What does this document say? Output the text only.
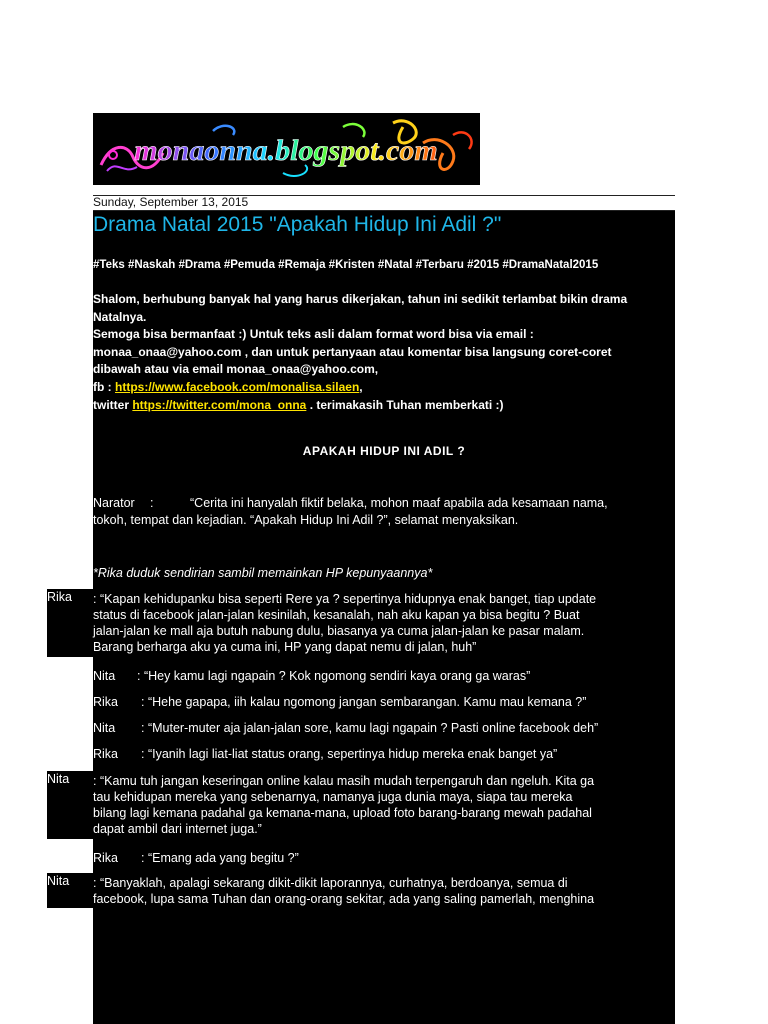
monaonna.blogspot.com
Sunday, September 13, 2015
Drama Natal 2015 "Apakah Hidup Ini Adil ?"
#Teks #Naskah #Drama #Pemuda #Remaja #Kristen #Natal #Terbaru #2015 #DramaNatal2015
Shalom, berhubung banyak hal yang harus dikerjakan, tahun ini sedikit terlambat bikin drama
Natalnya.
Semoga bisa bermanfaat :) Untuk teks asli dalam format word bisa via email :
monaa_onaa@yahoo.com , dan untuk pertanyaan atau komentar bisa langsung coret-coret
dibawah atau via email monaa_onaa@yahoo.com,
fb : https://www.facebook.com/monalisa.silaen,
twitter https://twitter.com/mona_onna . terimakasih Tuhan memberkati :)
APAKAH HIDUP INI ADIL ?
Narator :	“Cerita ini hanyalah fiktif belaka, mohon maaf apabila ada kesamaan nama,
tokoh, tempat dan kejadian. “Apakah Hidup Ini Adil ?”, selamat menyaksikan.
*Rika duduk sendirian sambil memainkan HP kepunyaannya*
Rika : “Kapan kehidupanku bisa seperti Rere ya ? sepertinya hidupnya enak banget, tiap update
status di facebook jalan-jalan kesinilah, kesanalah, nah aku kapan ya bisa begitu ? Buat
jalan-jalan ke mall aja butuh nabung dulu, biasanya ya cuma jalan-jalan ke pasar malam.
Barang berharga aku ya cuma ini, HP yang dapat nemu di jalan, huh”
Nita : “Hey kamu lagi ngapain ? Kok ngomong sendiri kaya orang ga waras”
Rika : “Hehe gapapa, iih kalau ngomong jangan sembarangan. Kamu mau kemana ?”
Nita : “Muter-muter aja jalan-jalan sore, kamu lagi ngapain ? Pasti online facebook deh”
Rika : “Iyanih lagi liat-liat status orang, sepertinya hidup mereka enak banget ya”
Nita : “Kamu tuh jangan keseringan online kalau masih mudah terpengaruh dan ngeluh. Kita ga
tau kehidupan mereka yang sebenarnya, namanya juga dunia maya, siapa tau mereka
bilang lagi kemana padahal ga kemana-mana, upload foto barang-barang mewah padahal
dapat ambil dari internet juga.”
Rika : “Emang ada yang begitu ?”
Nita : “Banyaklah, apalagi sekarang dikit-dikit laporannya, curhatnya, berdoanya, semua di
facebook, lupa sama Tuhan dan orang-orang sekitar, ada yang saling pamerlah, menghina
